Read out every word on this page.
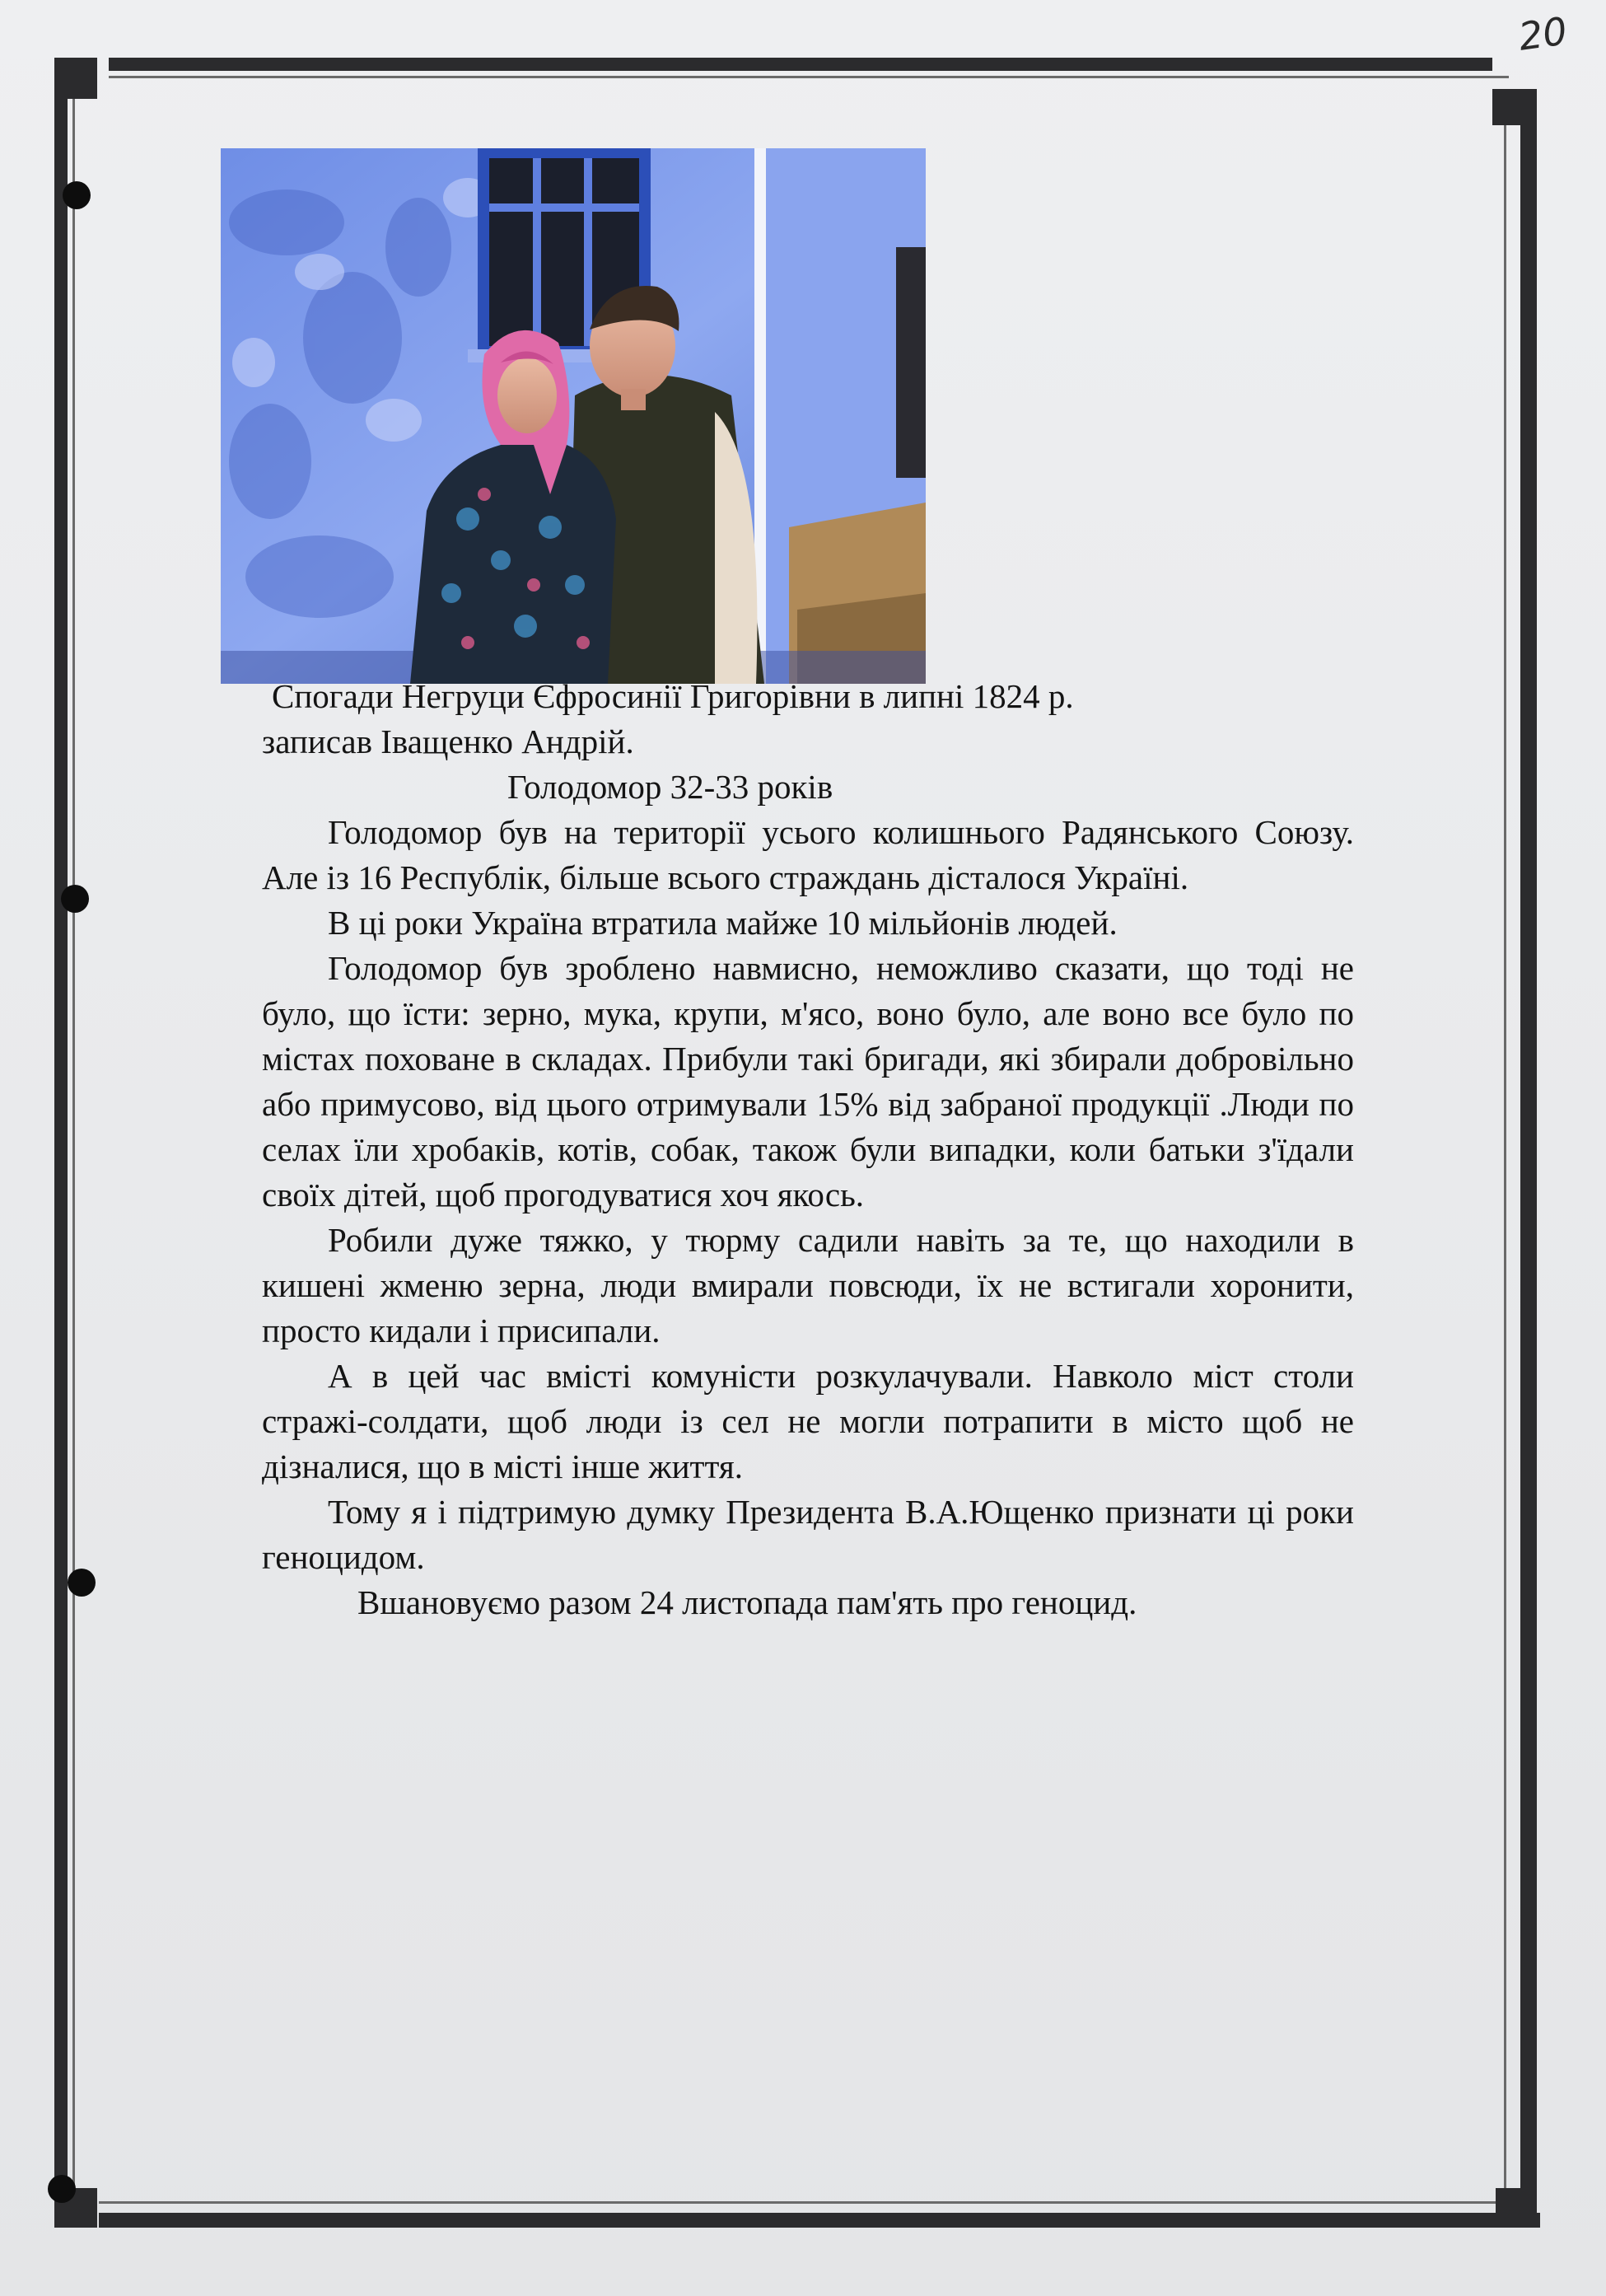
20
Спогади Негруци Єфросинії Григорівни в липні 1824 р.
записав Іващенко Андрій.
Голодомор 32-33 років
Голодомор був на території усього колишнього Радянського Союзу. Але із 16 Республік, більше всього страждань дісталося Україні.
В ці роки Україна втратила майже 10 мільйонів людей.
Голодомор був зроблено навмисно, неможливо сказати, що тоді не було, що їсти: зерно, мука, крупи, м'ясо, воно було, але воно все було по містах поховане в складах. Прибули такі бригади, які збирали добровільно або примусово, від цього отримували 15% від забраної продукції .Люди по селах їли хробаків, котів, собак, також були випадки, коли батьки з'їдали своїх дітей, щоб прогодуватися хоч якось.
Робили дуже тяжко, у тюрму садили навіть за те, що находили в кишені жменю зерна, люди вмирали повсюди, їх не встигали хоронити, просто кидали і присипали.
А в цей час вмісті комуністи розкулачували. Навколо міст столи стражі-солдати, щоб люди із сел не могли потрапити в місто щоб не дізналися, що в місті інше життя.
Тому я і підтримую думку Президента В.А.Ющенко признати ці роки геноцидом.
Вшановуємо разом 24 листопада пам'ять про геноцид.
